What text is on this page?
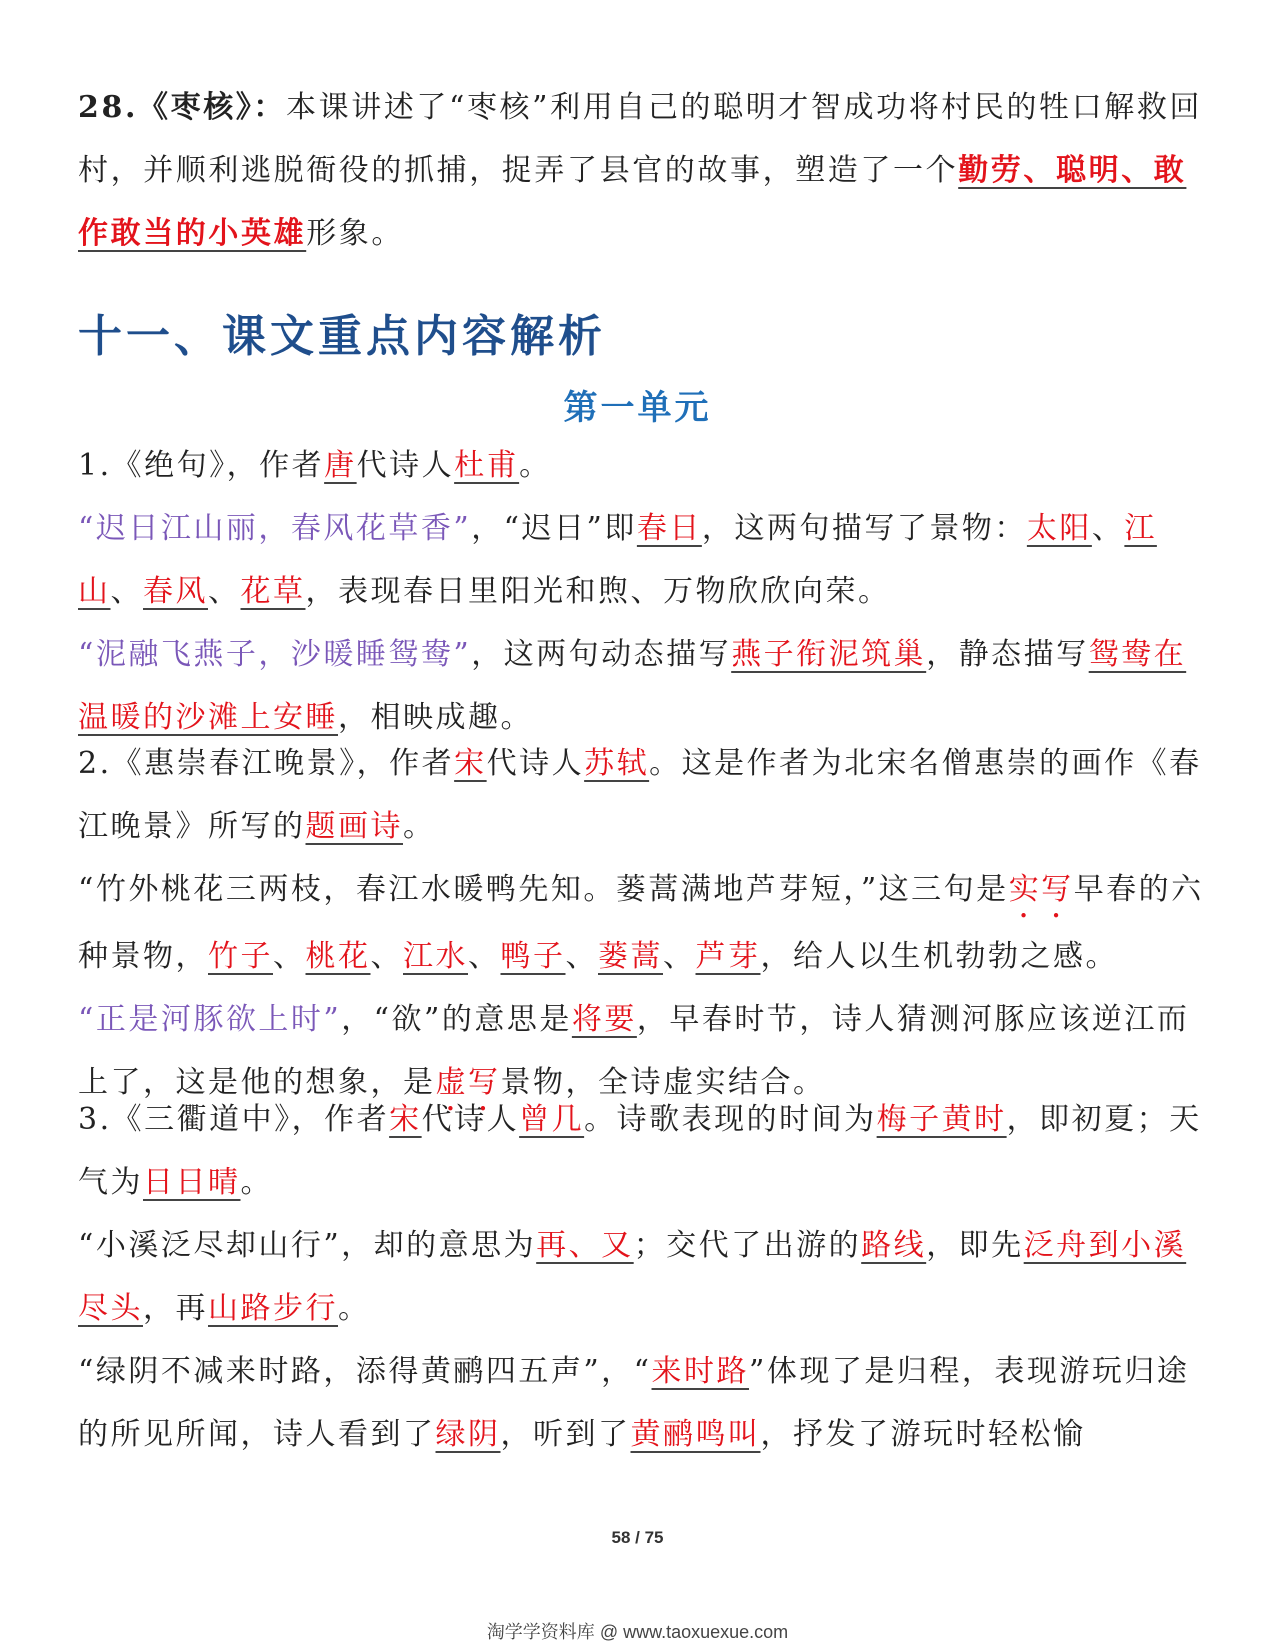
28.《枣核》：本课讲述了“枣核”利用自己的聪明才智成功将村民的牲口解救回村，并顺利逃脱衙役的抓捕，捉弄了县官的故事，塑造了一个勤劳、聪明、敢作敢当的小英雄形象。

十一、课文重点内容解析
第一单元

1.《绝句》，作者唐代诗人杜甫。
“迟日江山丽，春风花草香”，“迟日”即春日，这两句描写了景物：太阳、江山、春风、花草，表现春日里阳光和煦、万物欣欣向荣。
“泥融飞燕子，沙暖睡鸳鸯”，这两句动态描写燕子衔泥筑巢，静态描写鸳鸯在温暖的沙滩上安睡，相映成趣。

2.《惠崇春江晚景》，作者宋代诗人苏轼。这是作者为北宋名僧惠崇的画作《春江晚景》所写的题画诗。
“竹外桃花三两枝，春江水暖鸭先知。蒌蒿满地芦芽短，”这三句是实写早春的六种景物，竹子、桃花、江水、鸭子、蒌蒿、芦芽，给人以生机勃勃之感。
“正是河豚欲上时”，“欲”的意思是将要，早春时节，诗人猜测河豚应该逆江而上了，这是他的想象，是虚写景物，全诗虚实结合。

3.《三衢道中》，作者宋代诗人曾几。诗歌表现的时间为梅子黄时，即初夏；天气为日日晴。
“小溪泛尽却山行”，却的意思为再、又；交代了出游的路线，即先泛舟到小溪尽头，再山路步行。
“绿阴不减来时路，添得黄鹂四五声”，“来时路”体现了是归程，表现游玩归途的所见所闻，诗人看到了绿阴，听到了黄鹂鸣叫，抒发了游玩时轻松愉

58 / 75
淘学学资料库 @ www.taoxuexue.com
